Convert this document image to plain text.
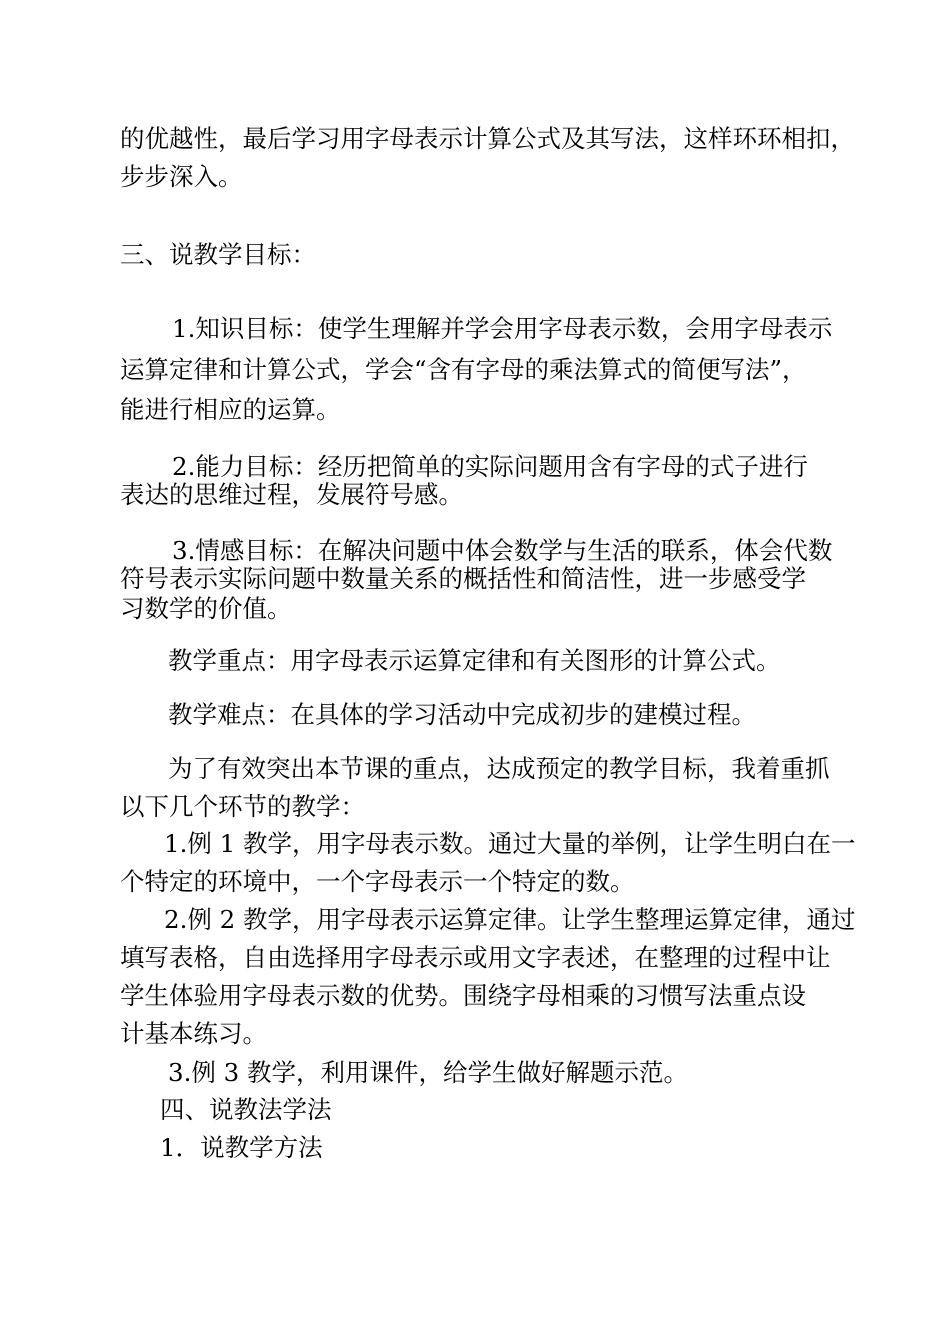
的优越性，最后学习用字母表示计算公式及其写法，这样环环相扣，
步步深入。
三、说教学目标：
1.知识目标：使学生理解并学会用字母表示数，会用字母表示
运算定律和计算公式，学会“含有字母的乘法算式的简便写法”，
能进行相应的运算。
2.能力目标：经历把简单的实际问题用含有字母的式子进行
表达的思维过程，发展符号感。
3.情感目标：在解决问题中体会数学与生活的联系，体会代数
符号表示实际问题中数量关系的概括性和简洁性，进一步感受学
习数学的价值。
教学重点：用字母表示运算定律和有关图形的计算公式。
教学难点：在具体的学习活动中完成初步的建模过程。
为了有效突出本节课的重点，达成预定的教学目标，我着重抓
以下几个环节的教学：
1.例 1 教学，用字母表示数。通过大量的举例，让学生明白在一
个特定的环境中，一个字母表示一个特定的数。
2.例 2 教学，用字母表示运算定律。让学生整理运算定律，通过
填写表格，自由选择用字母表示或用文字表述，在整理的过程中让
学生体验用字母表示数的优势。围绕字母相乘的习惯写法重点设
计基本练习。
3.例 3 教学，利用课件，给学生做好解题示范。
四、说教法学法
1．说教学方法
